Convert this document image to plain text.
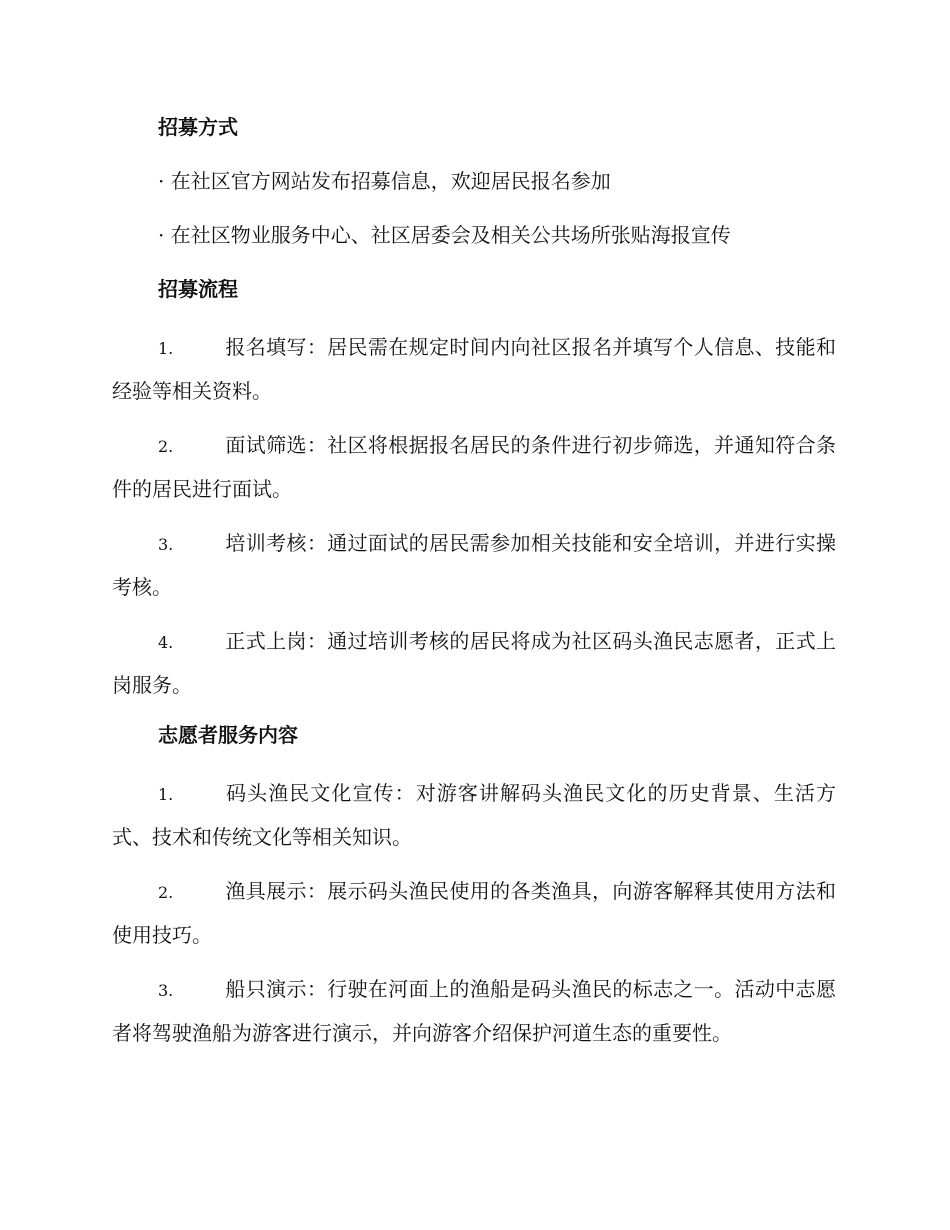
招募方式
· 在社区官方网站发布招募信息，欢迎居民报名参加
· 在社区物业服务中心、社区居委会及相关公共场所张贴海报宣传
招募流程
1.	报名填写：居民需在规定时间内向社区报名并填写个人信息、技能和经验等相关资料。
2.	面试筛选：社区将根据报名居民的条件进行初步筛选，并通知符合条件的居民进行面试。
3.	培训考核：通过面试的居民需参加相关技能和安全培训，并进行实操考核。
4.	正式上岗：通过培训考核的居民将成为社区码头渔民志愿者，正式上岗服务。
志愿者服务内容
1.	码头渔民文化宣传：对游客讲解码头渔民文化的历史背景、生活方式、技术和传统文化等相关知识。
2.	渔具展示：展示码头渔民使用的各类渔具，向游客解释其使用方法和使用技巧。
3.	船只演示：行驶在河面上的渔船是码头渔民的标志之一。活动中志愿者将驾驶渔船为游客进行演示，并向游客介绍保护河道生态的重要性。
